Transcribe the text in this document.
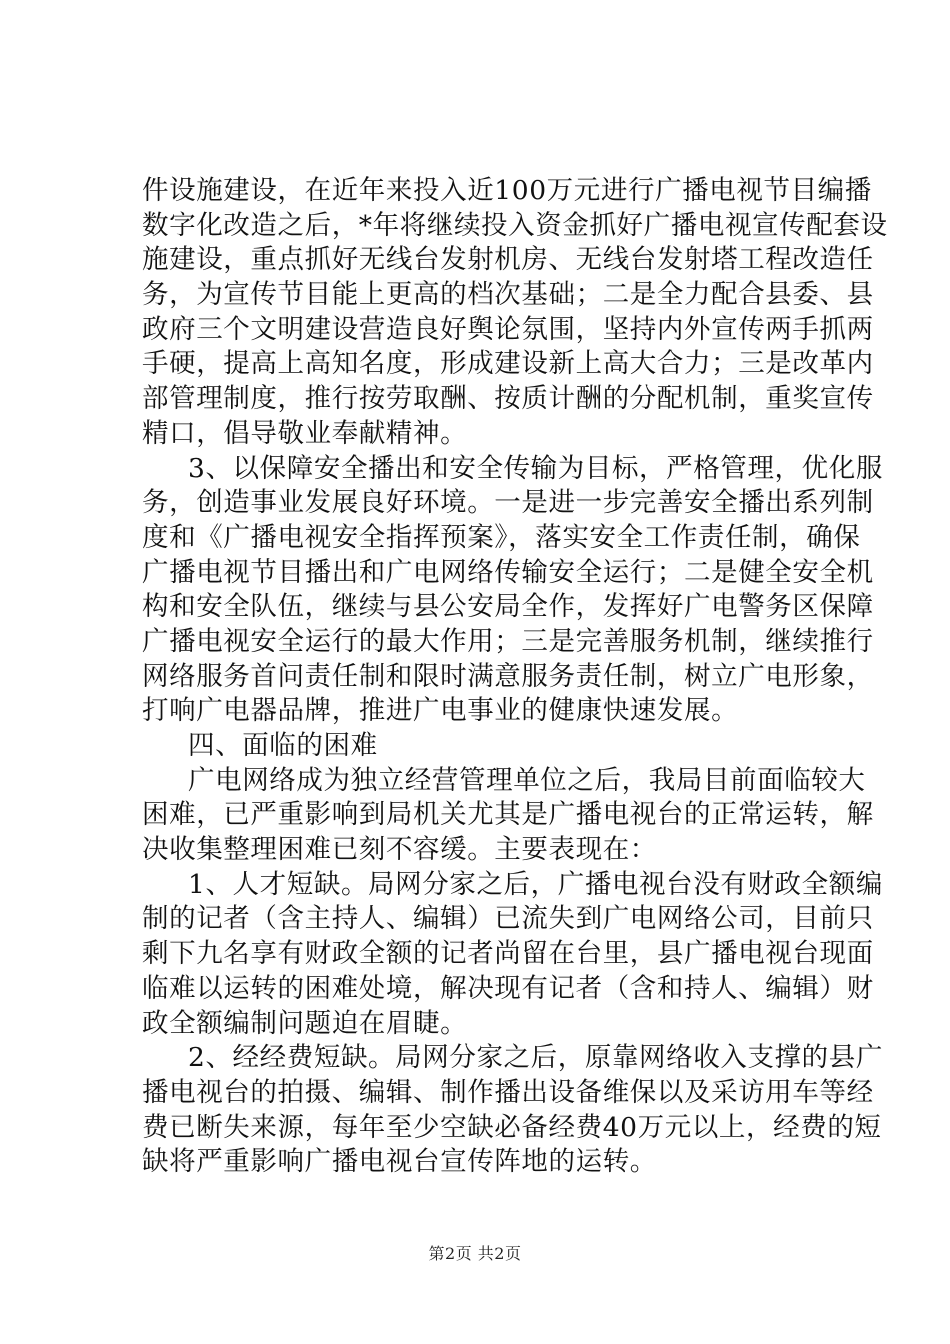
件设施建设，在近年来投入近100万元进行广播电视节目编播
数字化改造之后，*年将继续投入资金抓好广播电视宣传配套设
施建设，重点抓好无线台发射机房、无线台发射塔工程改造任
务，为宣传节目能上更高的档次基础；二是全力配合县委、县
政府三个文明建设营造良好舆论氛围，坚持内外宣传两手抓两
手硬，提高上高知名度，形成建设新上高大合力；三是改革内
部管理制度，推行按劳取酬、按质计酬的分配机制，重奖宣传
精口，倡导敬业奉献精神。
3、以保障安全播出和安全传输为目标，严格管理，优化服
务，创造事业发展良好环境。一是进一步完善安全播出系列制
度和《广播电视安全指挥预案》，落实安全工作责任制，确保
广播电视节目播出和广电网络传输安全运行；二是健全安全机
构和安全队伍，继续与县公安局全作，发挥好广电警务区保障
广播电视安全运行的最大作用；三是完善服务机制，继续推行
网络服务首问责任制和限时满意服务责任制，树立广电形象，
打响广电器品牌，推进广电事业的健康快速发展。
四、面临的困难
广电网络成为独立经营管理单位之后，我局目前面临较大
困难，已严重影响到局机关尤其是广播电视台的正常运转，解
决收集整理困难已刻不容缓。主要表现在：
1、人才短缺。局网分家之后，广播电视台没有财政全额编
制的记者（含主持人、编辑）已流失到广电网络公司，目前只
剩下九名享有财政全额的记者尚留在台里，县广播电视台现面
临难以运转的困难处境，解决现有记者（含和持人、编辑）财
政全额编制问题迫在眉睫。
2、经经费短缺。局网分家之后，原靠网络收入支撑的县广
播电视台的拍摄、编辑、制作播出设备维保以及采访用车等经
费已断失来源，每年至少空缺必备经费40万元以上，经费的短
缺将严重影响广播电视台宣传阵地的运转。
第2页 共2页
